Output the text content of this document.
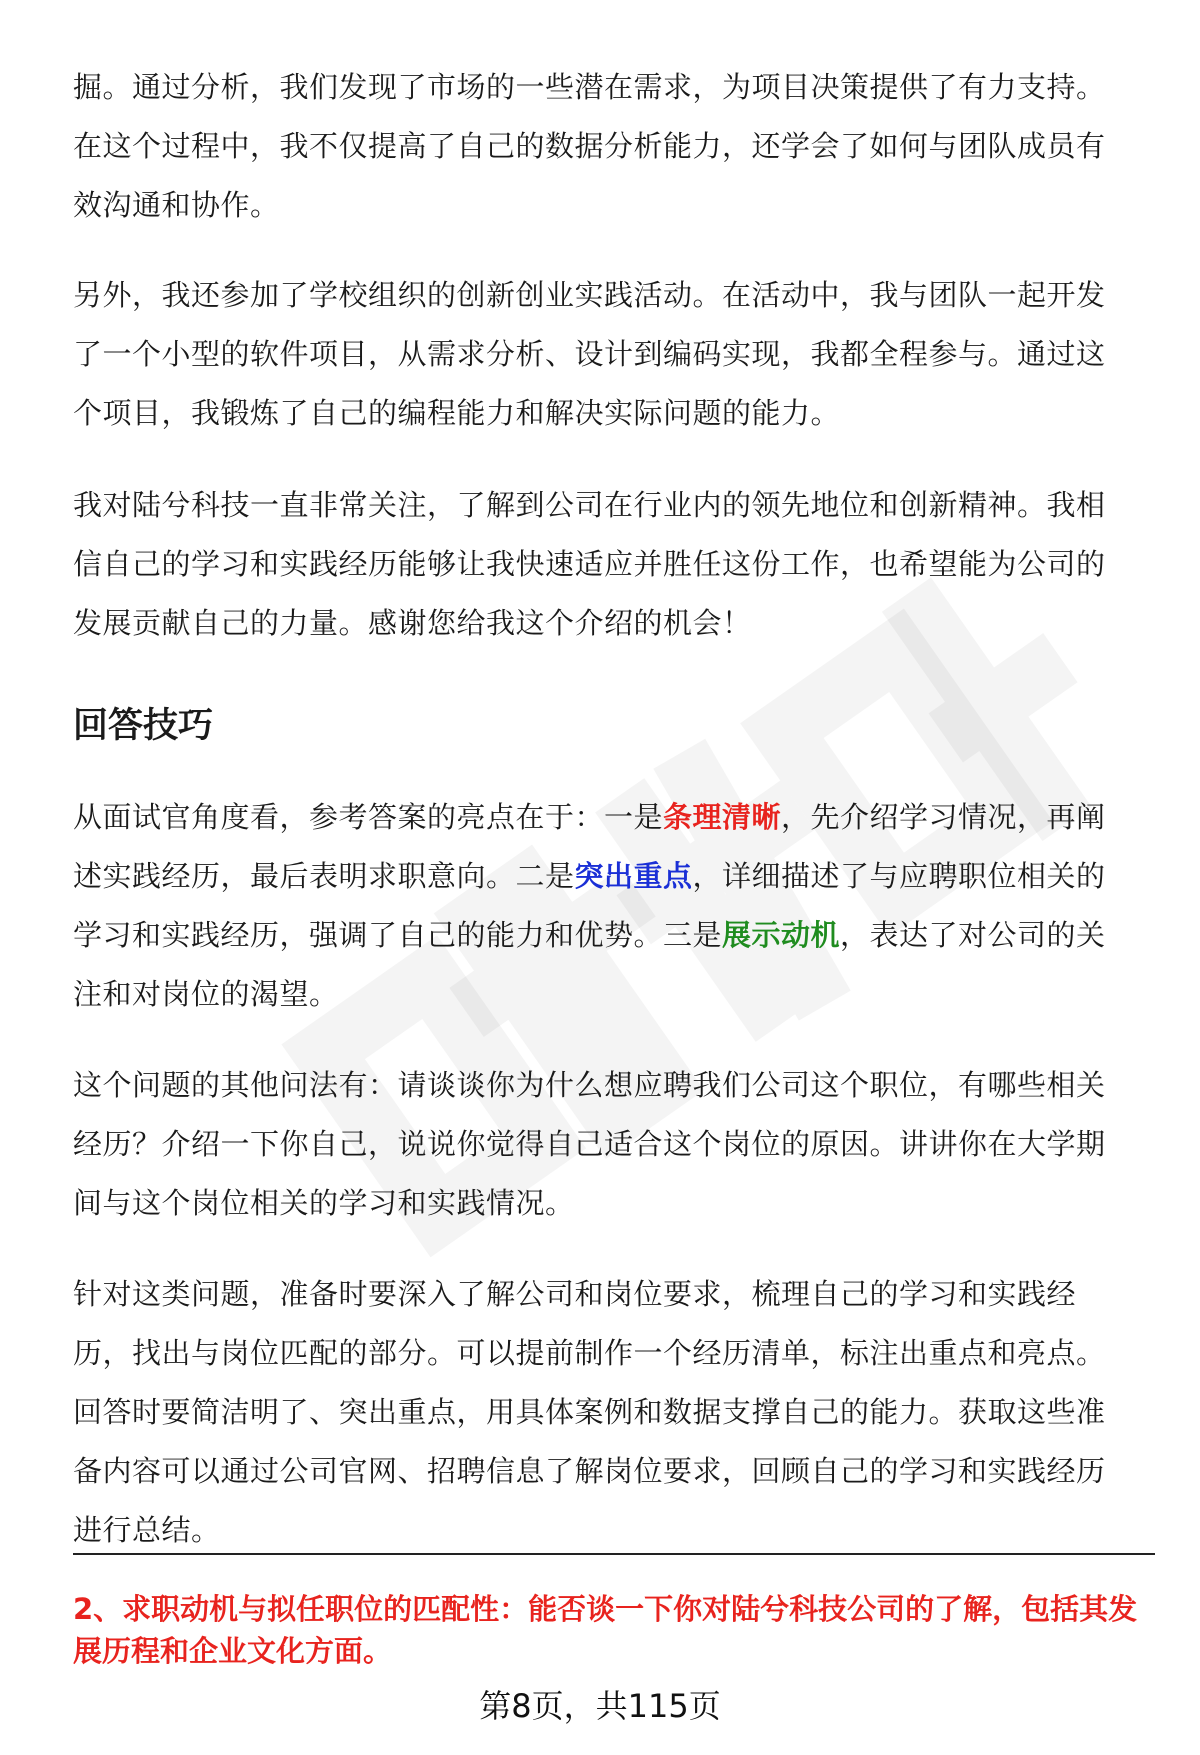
掘。通过分析，我们发现了市场的一些潜在需求，为项目决策提供了有力支持。在这个过程中，我不仅提高了自己的数据分析能力，还学会了如何与团队成员有效沟通和协作。

另外，我还参加了学校组织的创新创业实践活动。在活动中，我与团队一起开发了一个小型的软件项目，从需求分析、设计到编码实现，我都全程参与。通过这个项目，我锻炼了自己的编程能力和解决实际问题的能力。

我对陆兮科技一直非常关注，了解到公司在行业内的领先地位和创新精神。我相信自己的学习和实践经历能够让我快速适应并胜任这份工作，也希望能为公司的发展贡献自己的力量。感谢您给我这个介绍的机会！

回答技巧

从面试官角度看，参考答案的亮点在于：一是条理清晰，先介绍学习情况，再阐述实践经历，最后表明求职意向。二是突出重点，详细描述了与应聘职位相关的学习和实践经历，强调了自己的能力和优势。三是展示动机，表达了对公司的关注和对岗位的渴望。

这个问题的其他问法有：请谈谈你为什么想应聘我们公司这个职位，有哪些相关经历？介绍一下你自己，说说你觉得自己适合这个岗位的原因。讲讲你在大学期间与这个岗位相关的学习和实践情况。

针对这类问题，准备时要深入了解公司和岗位要求，梳理自己的学习和实践经历，找出与岗位匹配的部分。可以提前制作一个经历清单，标注出重点和亮点。回答时要简洁明了、突出重点，用具体案例和数据支撑自己的能力。获取这些准备内容可以通过公司官网、招聘信息了解岗位要求，回顾自己的学习和实践经历进行总结。

2、求职动机与拟任职位的匹配性：能否谈一下你对陆兮科技公司的了解，包括其发展历程和企业文化方面。

第8页，共115页
